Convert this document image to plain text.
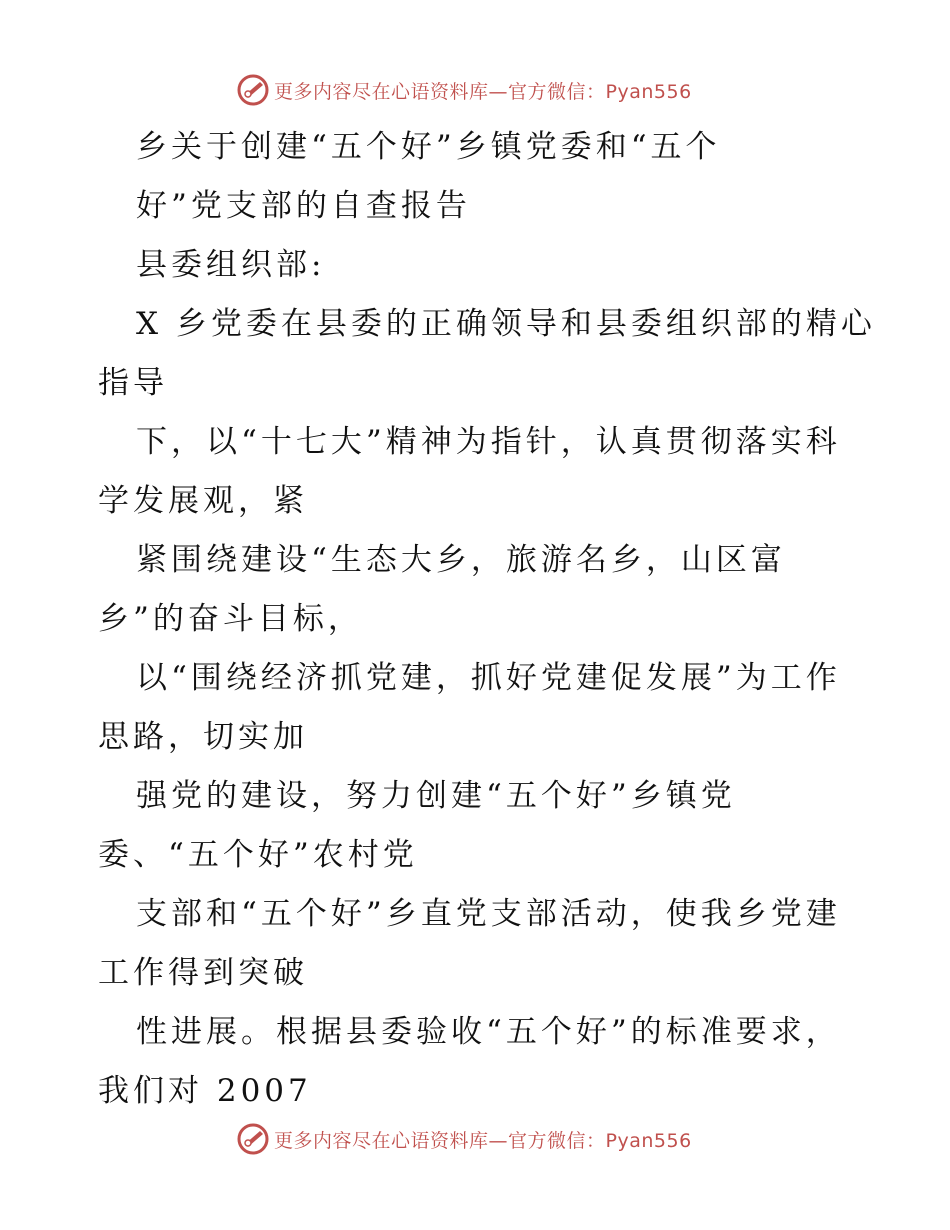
更多内容尽在心语资料库—官方微信：Pyan556
乡关于创建“五个好”乡镇党委和“五个
好”党支部的自查报告
县委组织部:
X 乡党委在县委的正确领导和县委组织部的精心
指导
下，以“十七大”精神为指针，认真贯彻落实科
学发展观，紧
紧围绕建设“生态大乡，旅游名乡，山区富
乡”的奋斗目标，
以“围绕经济抓党建，抓好党建促发展”为工作
思路，切实加
强党的建设，努力创建“五个好”乡镇党
委、“五个好”农村党
支部和“五个好”乡直党支部活动，使我乡党建
工作得到突破
性进展。根据县委验收“五个好”的标准要求，
我们对 2007
更多内容尽在心语资料库—官方微信：Pyan556
